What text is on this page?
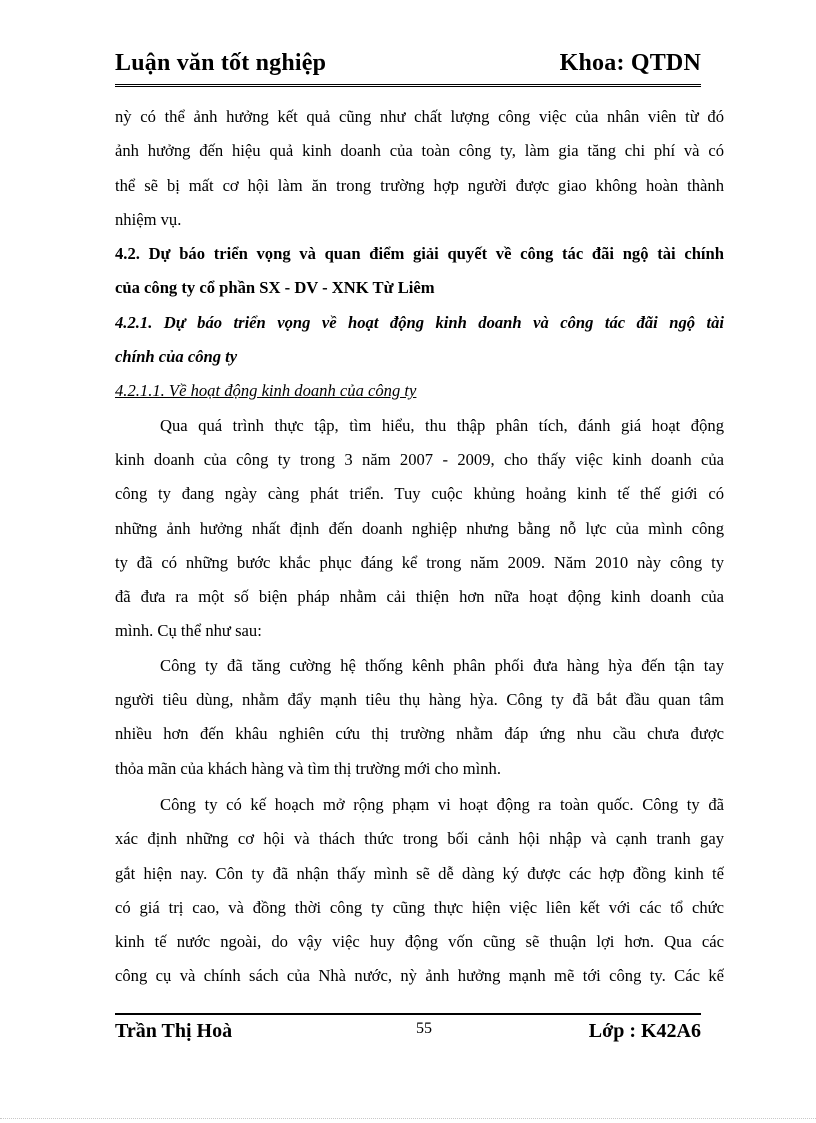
Luận văn tốt nghiệp	Khoa: QTDN
nỳ có thể ảnh hưởng kết quả cũng như chất lượng công việc của nhân viên từ đó
ảnh hưởng đến hiệu quả kinh doanh của toàn công ty, làm gia tăng chi phí và có
thể sẽ bị mất cơ hội làm ăn trong trường hợp người được giao không hoàn thành
nhiệm vụ.
4.2. Dự báo triển vọng và quan điểm giải quyết về công tác đãi ngộ tài chính
của công ty cổ phần SX - DV - XNK Từ Liêm
4.2.1. Dự báo triển vọng về hoạt động kinh doanh và công tác đãi ngộ tài
chính của công ty
4.2.1.1. Về hoạt động kinh doanh của công ty
Qua quá trình thực tập, tìm hiểu, thu thập phân tích, đánh giá hoạt động
kinh doanh của công ty trong 3 năm 2007 - 2009, cho thấy việc kinh doanh của
công ty đang ngày càng phát triển. Tuy cuộc khủng hoảng kinh tế thế giới có
những ảnh hưởng nhất định đến doanh nghiệp nhưng bằng nỗ lực của mình công
ty đã có những bước khắc phục đáng kể trong năm 2009. Năm 2010 này công ty
đã đưa ra một số biện pháp nhằm cải thiện hơn nữa hoạt động kinh doanh của
mình. Cụ thể như sau:
Công ty đã tăng cường hệ thống kênh phân phối đưa hàng hỳa đến tận tay
người tiêu dùng, nhằm đẩy mạnh tiêu thụ hàng hỳa. Công ty đã bắt đầu quan tâm
nhiều hơn đến khâu nghiên cứu thị trường nhằm đáp ứng nhu cầu chưa được
thỏa mãn của khách hàng và tìm thị trường mới cho mình.
Công ty có kế hoạch mở rộng phạm vi hoạt động ra toàn quốc. Công ty đã
xác định những cơ hội và thách thức trong bối cảnh hội nhập và cạnh tranh gay
gắt hiện nay. Côn ty đã nhận thấy mình sẽ dễ dàng ký được các hợp đồng kinh tế
có giá trị cao, và đồng thời công ty cũng thực hiện việc liên kết với các tổ chức
kinh tế nước ngoài, do vậy việc huy động vốn cũng sẽ thuận lợi hơn. Qua các
công cụ và chính sách của Nhà nước, nỳ ảnh hưởng mạnh mẽ tới công ty. Các kế
Trần Thị Hoà	55	Lớp : K42A6
